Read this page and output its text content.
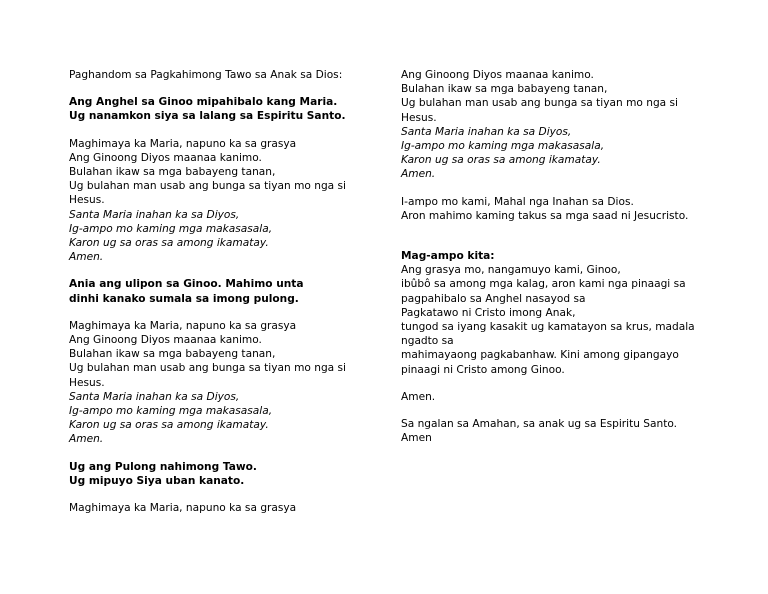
Paghandom sa Pagkahimong Tawo sa Anak sa Dios:
Ang Anghel sa Ginoo mipahibalo kang Maria.
Ug nanamkon siya sa lalang sa Espiritu Santo.
Maghimaya ka Maria, napuno ka sa grasya
Ang Ginoong Diyos maanaa kanimo.
Bulahan ikaw sa mga babayeng tanan,
Ug bulahan man usab ang bunga sa tiyan mo nga si
Hesus.
Santa Maria inahan ka sa Diyos,
Ig-ampo mo kaming mga makasasala,
Karon ug sa oras sa among ikamatay.
Amen.
Ania ang ulipon sa Ginoo. Mahimo unta
dinhi kanako sumala sa imong pulong.
Maghimaya ka Maria, napuno ka sa grasya
Ang Ginoong Diyos maanaa kanimo.
Bulahan ikaw sa mga babayeng tanan,
Ug bulahan man usab ang bunga sa tiyan mo nga si
Hesus.
Santa Maria inahan ka sa Diyos,
Ig-ampo mo kaming mga makasasala,
Karon ug sa oras sa among ikamatay.
Amen.
Ug ang Pulong nahimong Tawo.
Ug mipuyo Siya uban kanato.
Maghimaya ka Maria, napuno ka sa grasya
Ang Ginoong Diyos maanaa kanimo.
Bulahan ikaw sa mga babayeng tanan,
Ug bulahan man usab ang bunga sa tiyan mo nga si
Hesus.
Santa Maria inahan ka sa Diyos,
Ig-ampo mo kaming mga makasasala,
Karon ug sa oras sa among ikamatay.
Amen.
I-ampo mo kami, Mahal nga Inahan sa Dios.
Aron mahimo kaming takus sa mga saad ni Jesucristo.
Mag-ampo kita:
Ang grasya mo, nangamuyo kami, Ginoo,
ibûbô sa among mga kalag, aron kami nga pinaagi sa
pagpahibalo sa Anghel nasayod sa
Pagkatawo ni Cristo imong Anak,
tungod sa iyang kasakit ug kamatayon sa krus, madala
ngadto sa
mahimayaong pagkabanhaw. Kini among gipangayo
pinaagi ni Cristo among Ginoo.
Amen.
Sa ngalan sa Amahan, sa anak ug sa Espiritu Santo.
Amen
